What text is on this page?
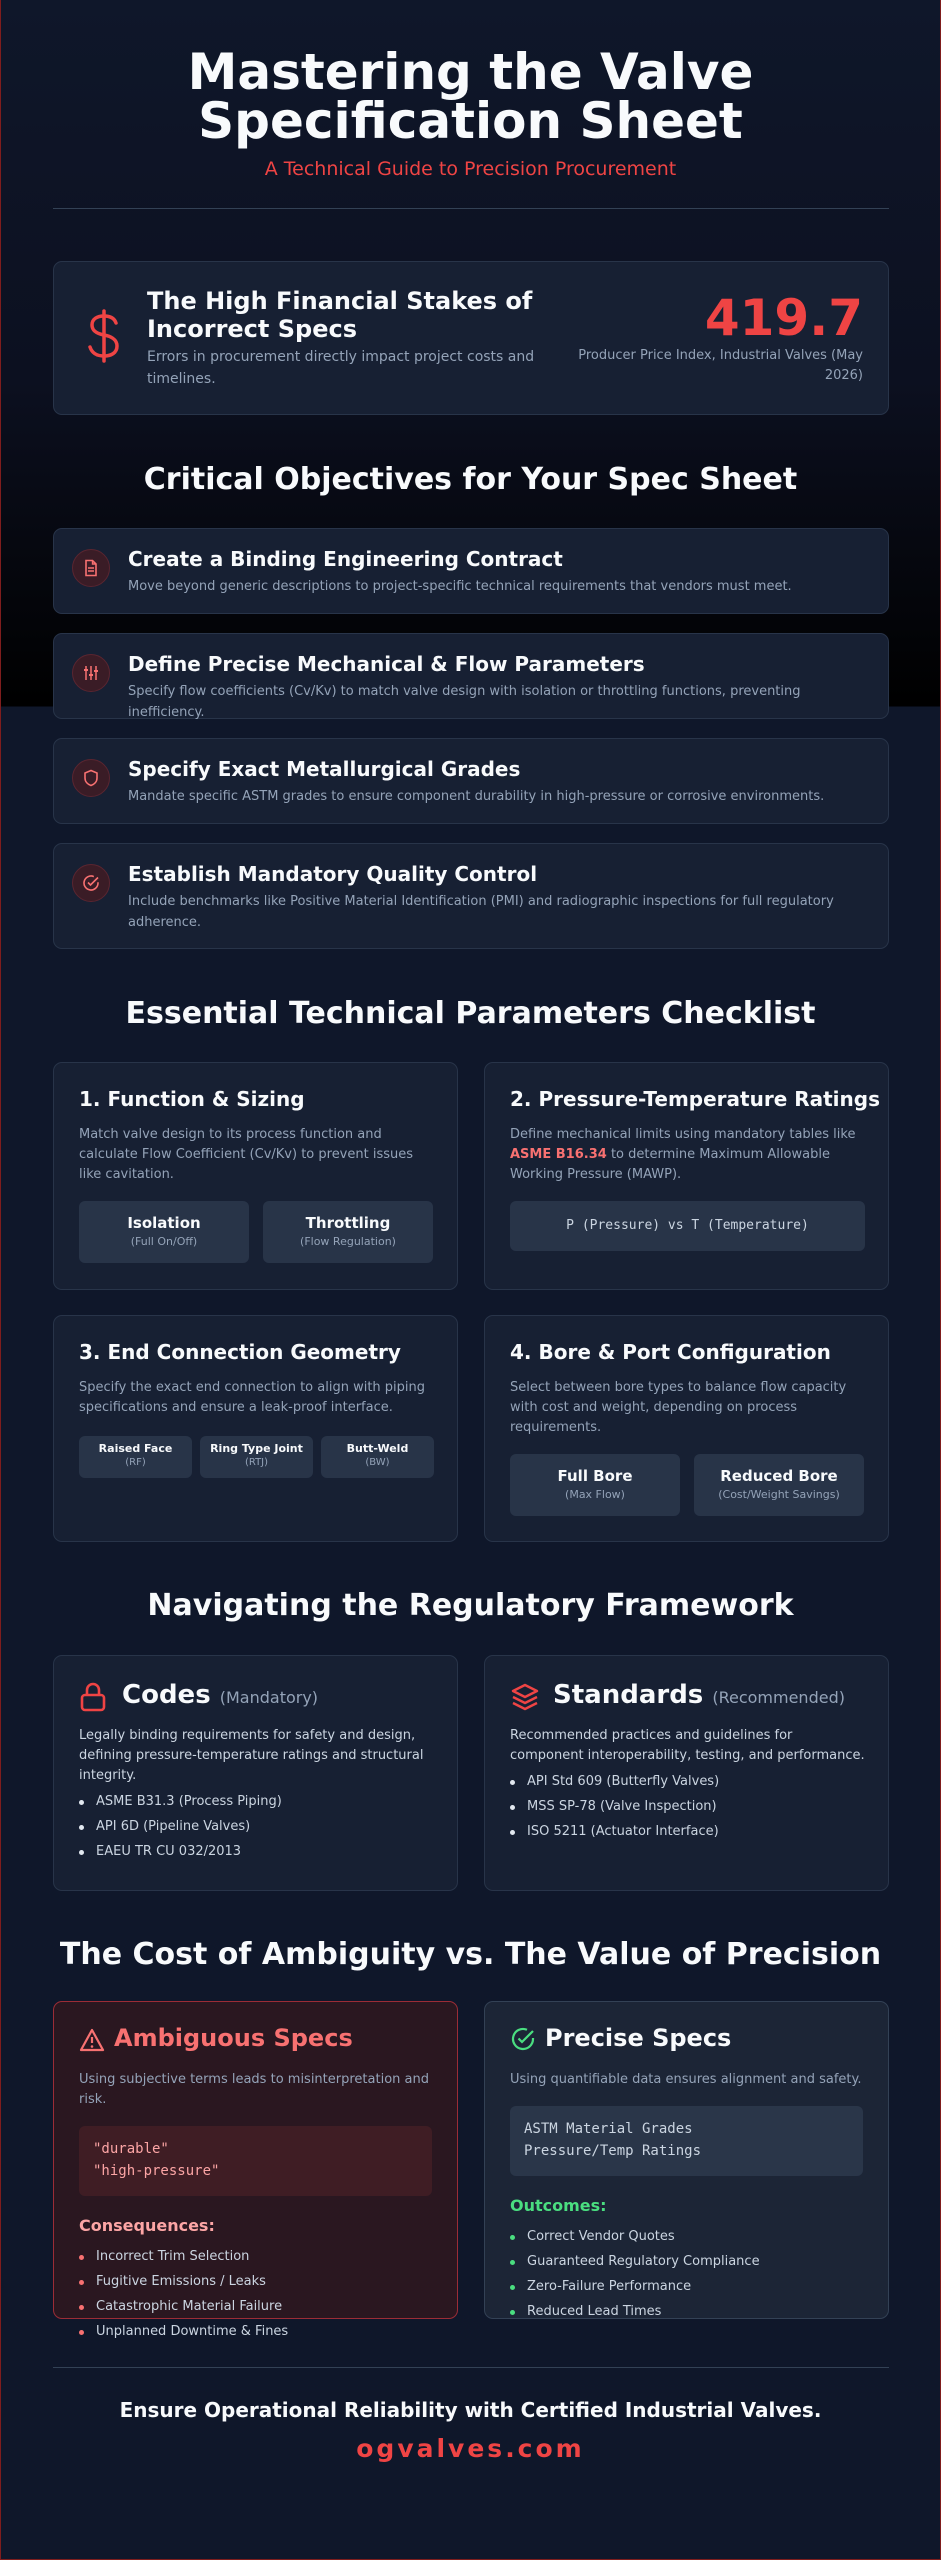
Mastering the Valve
Specification Sheet
A Technical Guide to Precision Procurement
The High Financial Stakes of Incorrect Specs
Errors in procurement directly impact project costs and timelines.
419.7
Producer Price Index, Industrial Valves (May 2026)
Critical Objectives for Your Spec Sheet
Create a Binding Engineering Contract
Move beyond generic descriptions to project-specific technical requirements that vendors must meet.
Define Precise Mechanical & Flow Parameters
Specify flow coefficients (Cv/Kv) to match valve design with isolation or throttling functions, preventing inefficiency.
Specify Exact Metallurgical Grades
Mandate specific ASTM grades to ensure component durability in high-pressure or corrosive environments.
Establish Mandatory Quality Control
Include benchmarks like Positive Material Identification (PMI) and radiographic inspections for full regulatory adherence.
Essential Technical Parameters Checklist
1. Function & Sizing
Match valve design to its process function and calculate Flow Coefficient (Cv/Kv) to prevent issues like cavitation.
Isolation
(Full On/Off)
Throttling
(Flow Regulation)
2. Pressure-Temperature Ratings
Define mechanical limits using mandatory tables like ASME B16.34 to determine Maximum Allowable Working Pressure (MAWP).
P (Pressure) vs T (Temperature)
3. End Connection Geometry
Specify the exact end connection to align with piping specifications and ensure a leak-proof interface.
Raised Face
(RF)
Ring Type Joint
(RTJ)
Butt-Weld
(BW)
4. Bore & Port Configuration
Select between bore types to balance flow capacity with cost and weight, depending on process requirements.
Full Bore
(Max Flow)
Reduced Bore
(Cost/Weight Savings)
Navigating the Regulatory Framework
Codes (Mandatory)
Legally binding requirements for safety and design, defining pressure-temperature ratings and structural integrity.
ASME B31.3 (Process Piping)
API 6D (Pipeline Valves)
EAEU TR CU 032/2013
Standards (Recommended)
Recommended practices and guidelines for component interoperability, testing, and performance.
API Std 609 (Butterfly Valves)
MSS SP-78 (Valve Inspection)
ISO 5211 (Actuator Interface)
The Cost of Ambiguity vs. The Value of Precision
Ambiguous Specs
Using subjective terms leads to misinterpretation and risk.
"durable"
"high-pressure"
Consequences:
Incorrect Trim Selection
Fugitive Emissions / Leaks
Catastrophic Material Failure
Unplanned Downtime & Fines
Precise Specs
Using quantifiable data ensures alignment and safety.
ASTM Material Grades
Pressure/Temp Ratings
Outcomes:
Correct Vendor Quotes
Guaranteed Regulatory Compliance
Zero-Failure Performance
Reduced Lead Times
Ensure Operational Reliability with Certified Industrial Valves.
ogvalves.com
